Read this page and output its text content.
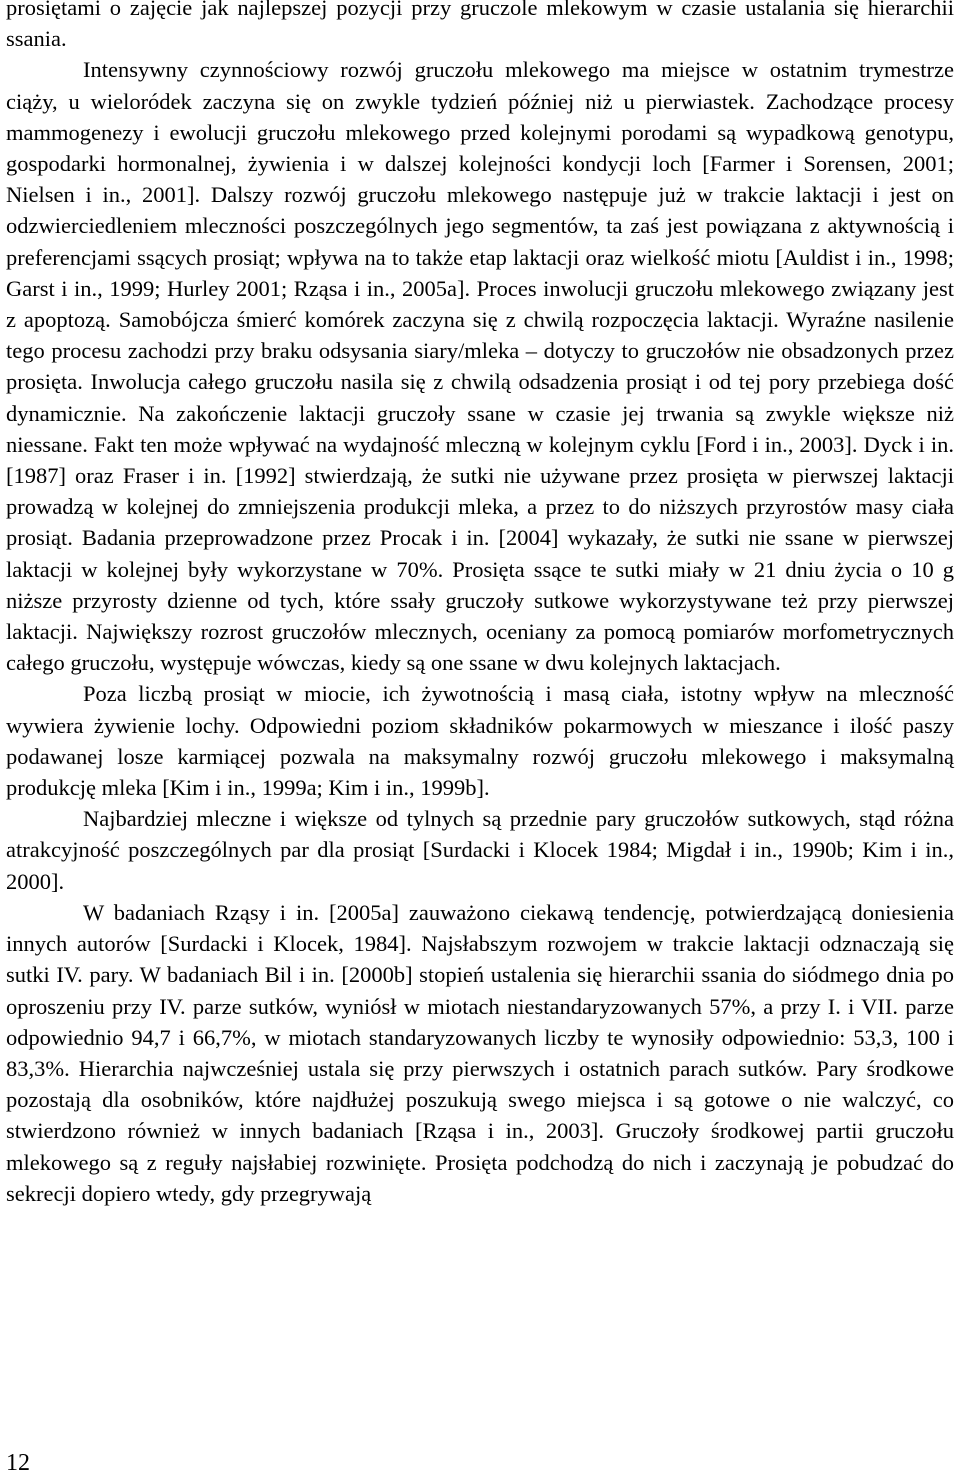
prosiętami o zajęcie jak najlepszej pozycji przy gruczole mlekowym w czasie ustalania się hierarchii ssania.

Intensywny czynnościowy rozwój gruczołu mlekowego ma miejsce w ostatnim trymestrze ciąży, u wieloródek zaczyna się on zwykle tydzień później niż u pierwiastek. Zachodzące procesy mammogenezy i ewolucji gruczołu mlekowego przed kolejnymi porodami są wypadkową genotypu, gospodarki hormonalnej, żywienia i w dalszej kolejności kondycji loch [Farmer i Sorensen, 2001; Nielsen i in., 2001]. Dalszy rozwój gruczołu mlekowego następuje już w trakcie laktacji i jest on odzwierciedleniem mleczności poszczególnych jego segmentów, ta zaś jest powiązana z aktywnością i preferencjami ssących prosiąt; wpływa na to także etap laktacji oraz wielkość miotu [Auldist i in., 1998; Garst i in., 1999; Hurley 2001; Rząsa i in., 2005a]. Proces inwolucji gruczołu mlekowego związany jest z apoptozą. Samobójcza śmierć komórek zaczyna się z chwilą rozpoczęcia laktacji. Wyraźne nasilenie tego procesu zachodzi przy braku odsysania siary/mleka – dotyczy to gruczołów nie obsadzonych przez prosięta. Inwolucja całego gruczołu nasila się z chwilą odsadzenia prosiąt i od tej pory przebiega dość dynamicznie. Na zakończenie laktacji gruczoły ssane w czasie jej trwania są zwykle większe niż niessane. Fakt ten może wpływać na wydajność mleczną w kolejnym cyklu [Ford i in., 2003]. Dyck i in. [1987] oraz Fraser i in. [1992] stwierdzają, że sutki nie używane przez prosięta w pierwszej laktacji prowadzą w kolejnej do zmniejszenia produkcji mleka, a przez to do niższych przyrostów masy ciała prosiąt. Badania przeprowadzone przez Procak i in. [2004] wykazały, że sutki nie ssane w pierwszej laktacji w kolejnej były wykorzystane w 70%. Prosięta ssące te sutki miały w 21 dniu życia o 10 g niższe przyrosty dzienne od tych, które ssały gruczoły sutkowe wykorzystywane też przy pierwszej laktacji. Największy rozrost gruczołów mlecznych, oceniany za pomocą pomiarów morfometrycznych całego gruczołu, występuje wówczas, kiedy są one ssane w dwu kolejnych laktacjach.

Poza liczbą prosiąt w miocie, ich żywotnością i masą ciała, istotny wpływ na mleczność wywiera żywienie lochy. Odpowiedni poziom składników pokarmowych w mieszance i ilość paszy podawanej losze karmiącej pozwala na maksymalny rozwój gruczołu mlekowego i maksymalną produkcję mleka [Kim i in., 1999a; Kim i in., 1999b].

Najbardziej mleczne i większe od tylnych są przednie pary gruczołów sutkowych, stąd różna atrakcyjność poszczególnych par dla prosiąt [Surdacki i Klocek 1984; Migdał i in., 1990b; Kim i in., 2000].

W badaniach Rząsy i in. [2005a] zauważono ciekawą tendencję, potwierdzającą doniesienia innych autorów [Surdacki i Klocek, 1984]. Najsłabszym rozwojem w trakcie laktacji odznaczają się sutki IV. pary. W badaniach Bil i in. [2000b] stopień ustalenia się hierarchii ssania do siódmego dnia po oproszeniu przy IV. parze sutków, wyniósł w miotach niestandaryzowanych 57%, a przy I. i VII. parze odpowiednio 94,7 i 66,7%, w miotach standaryzowanych liczby te wynosiły odpowiednio: 53,3, 100 i 83,3%. Hierarchia najwcześniej ustala się przy pierwszych i ostatnich parach sutków. Pary środkowe pozostają dla osobników, które najdłużej poszukują swego miejsca i są gotowe o nie walczyć, co stwierdzono również w innych badaniach [Rząsa i in., 2003]. Gruczoły środkowej partii gruczołu mlekowego są z reguły najsłabiej rozwinięte. Prosięta podchodzą do nich i zaczynają je pobudzać do sekrecji dopiero wtedy, gdy przegrywają

12
